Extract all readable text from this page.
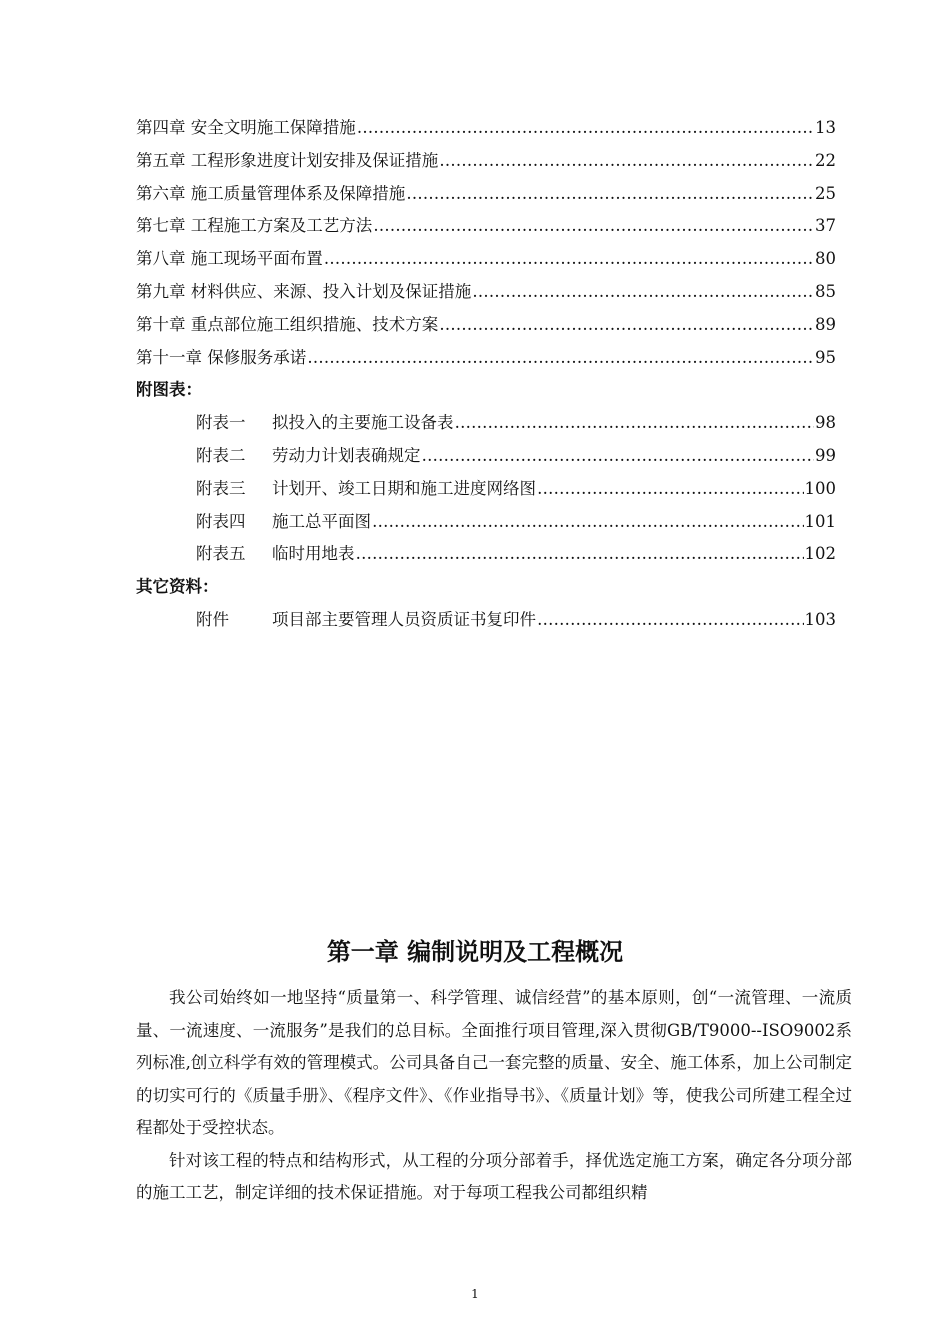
第四章 安全文明施工保障措施 ………………………………………………………………………………………………………………………………………………………………………………………………………………	13
第五章 工程形象进度计划安排及保证措施 ………………………………………………………………………………………………………………………………………………………………………………………………………………	22
第六章 施工质量管理体系及保障措施 ………………………………………………………………………………………………………………………………………………………………………………………………………………	25
第七章 工程施工方案及工艺方法 ………………………………………………………………………………………………………………………………………………………………………………………………………………	37
第八章 施工现场平面布置 ………………………………………………………………………………………………………………………………………………………………………………………………………………	80
第九章 材料供应、来源、投入计划及保证措施 ………………………………………………………………………………………………………………………………………………………………………………………………………………	85
第十章 重点部位施工组织措施、技术方案 ………………………………………………………………………………………………………………………………………………………………………………………………………………	89
第十一章 保修服务承诺 ………………………………………………………………………………………………………………………………………………………………………………………………………………	95
附图表：
附表一 拟投入的主要施工设备表 ………………………………………………………………………………………………………………………………………………………………………………………………………………	98
附表二 劳动力计划表确规定 ………………………………………………………………………………………………………………………………………………………………………………………………………………	99
附表三 计划开、竣工日期和施工进度网络图 ………………………………………………………………………………………………………………………………………………………………………………………………………………	100
附表四 施工总平面图 ………………………………………………………………………………………………………………………………………………………………………………………………………………	101
附表五 临时用地表 ………………………………………………………………………………………………………………………………………………………………………………………………………………	102
其它资料：
附件	项目部主要管理人员资质证书复印件 ………………………………………………………………………………………………………………………………………………………………………………………………………………	103
第一章 编制说明及工程概况

我公司始终如一地坚持“质量第一、科学管理、诚信经营”的基本原则，创“一流管理、一流质量、一流速度、一流服务”是我们的总目标。全面推行项目管理,深入贯彻GB/T9000--ISO9002系列标准,创立科学有效的管理模式。公司具备自己一套完整的质量、安全、施工体系，加上公司制定的切实可行的《质量手册》、《程序文件》、《作业指导书》、《质量计划》等，使我公司所建工程全过程都处于受控状态。

针对该工程的特点和结构形式，从工程的分项分部着手，择优选定施工方案，确定各分项分部的施工工艺，制定详细的技术保证措施。对于每项工程我公司都组织精

1
